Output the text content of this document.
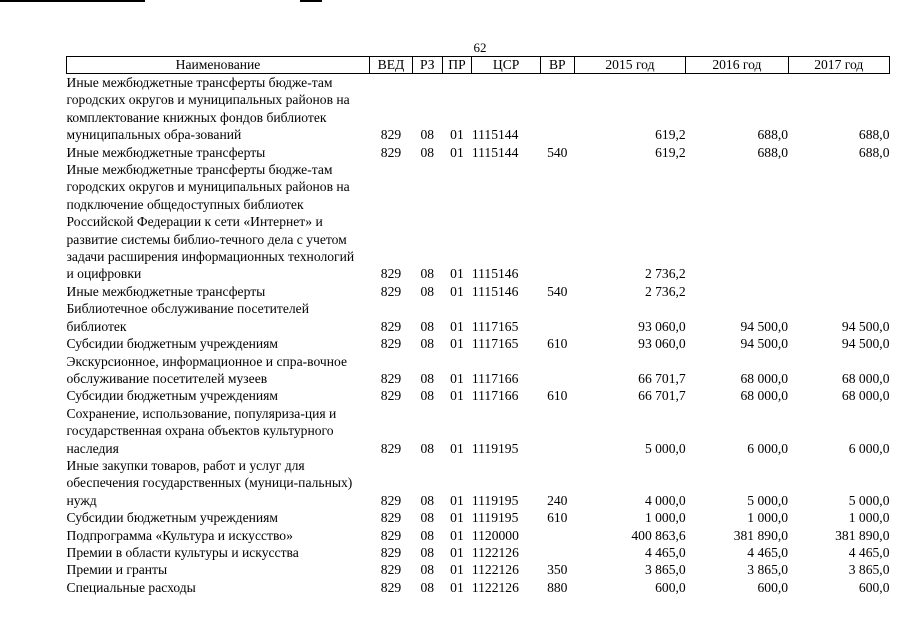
62
Наименование	ВЕД	РЗ	ПР	ЦСР	ВР	2015 год	2016 год	2017 год
Иные межбюджетные трансферты бюдже-там городских округов и муниципальных районов на комплектование книжных фондов библиотек муниципальных обра-зований	829	08	01	1115144		619,2	688,0	688,0
Иные межбюджетные трансферты	829	08	01	1115144	540	619,2	688,0	688,0
Иные межбюджетные трансферты бюдже-там городских округов и муниципальных районов на подключение общедоступных библиотек Российской Федерации к сети «Интернет» и развитие системы библио-течного дела с учетом задачи расширения информационных технологий и оцифровки	829	08	01	1115146		2 736,2		
Иные межбюджетные трансферты	829	08	01	1115146	540	2 736,2		
Библиотечное обслуживание посетителей библиотек	829	08	01	1117165		93 060,0	94 500,0	94 500,0
Субсидии бюджетным учреждениям	829	08	01	1117165	610	93 060,0	94 500,0	94 500,0
Экскурсионное, информационное и спра-вочное обслуживание посетителей музеев	829	08	01	1117166		66 701,7	68 000,0	68 000,0
Субсидии бюджетным учреждениям	829	08	01	1117166	610	66 701,7	68 000,0	68 000,0
Сохранение, использование, популяриза-ция и государственная охрана объектов культурного наследия	829	08	01	1119195		5 000,0	6 000,0	6 000,0
Иные закупки товаров, работ и услуг для обеспечения государственных (муници-пальных) нужд	829	08	01	1119195	240	4 000,0	5 000,0	5 000,0
Субсидии бюджетным учреждениям	829	08	01	1119195	610	1 000,0	1 000,0	1 000,0
Подпрограмма «Культура и искусство»	829	08	01	1120000		400 863,6	381 890,0	381 890,0
Премии в области культуры и искусства	829	08	01	1122126		4 465,0	4 465,0	4 465,0
Премии и гранты	829	08	01	1122126	350	3 865,0	3 865,0	3 865,0
Специальные расходы	829	08	01	1122126	880	600,0	600,0	600,0
